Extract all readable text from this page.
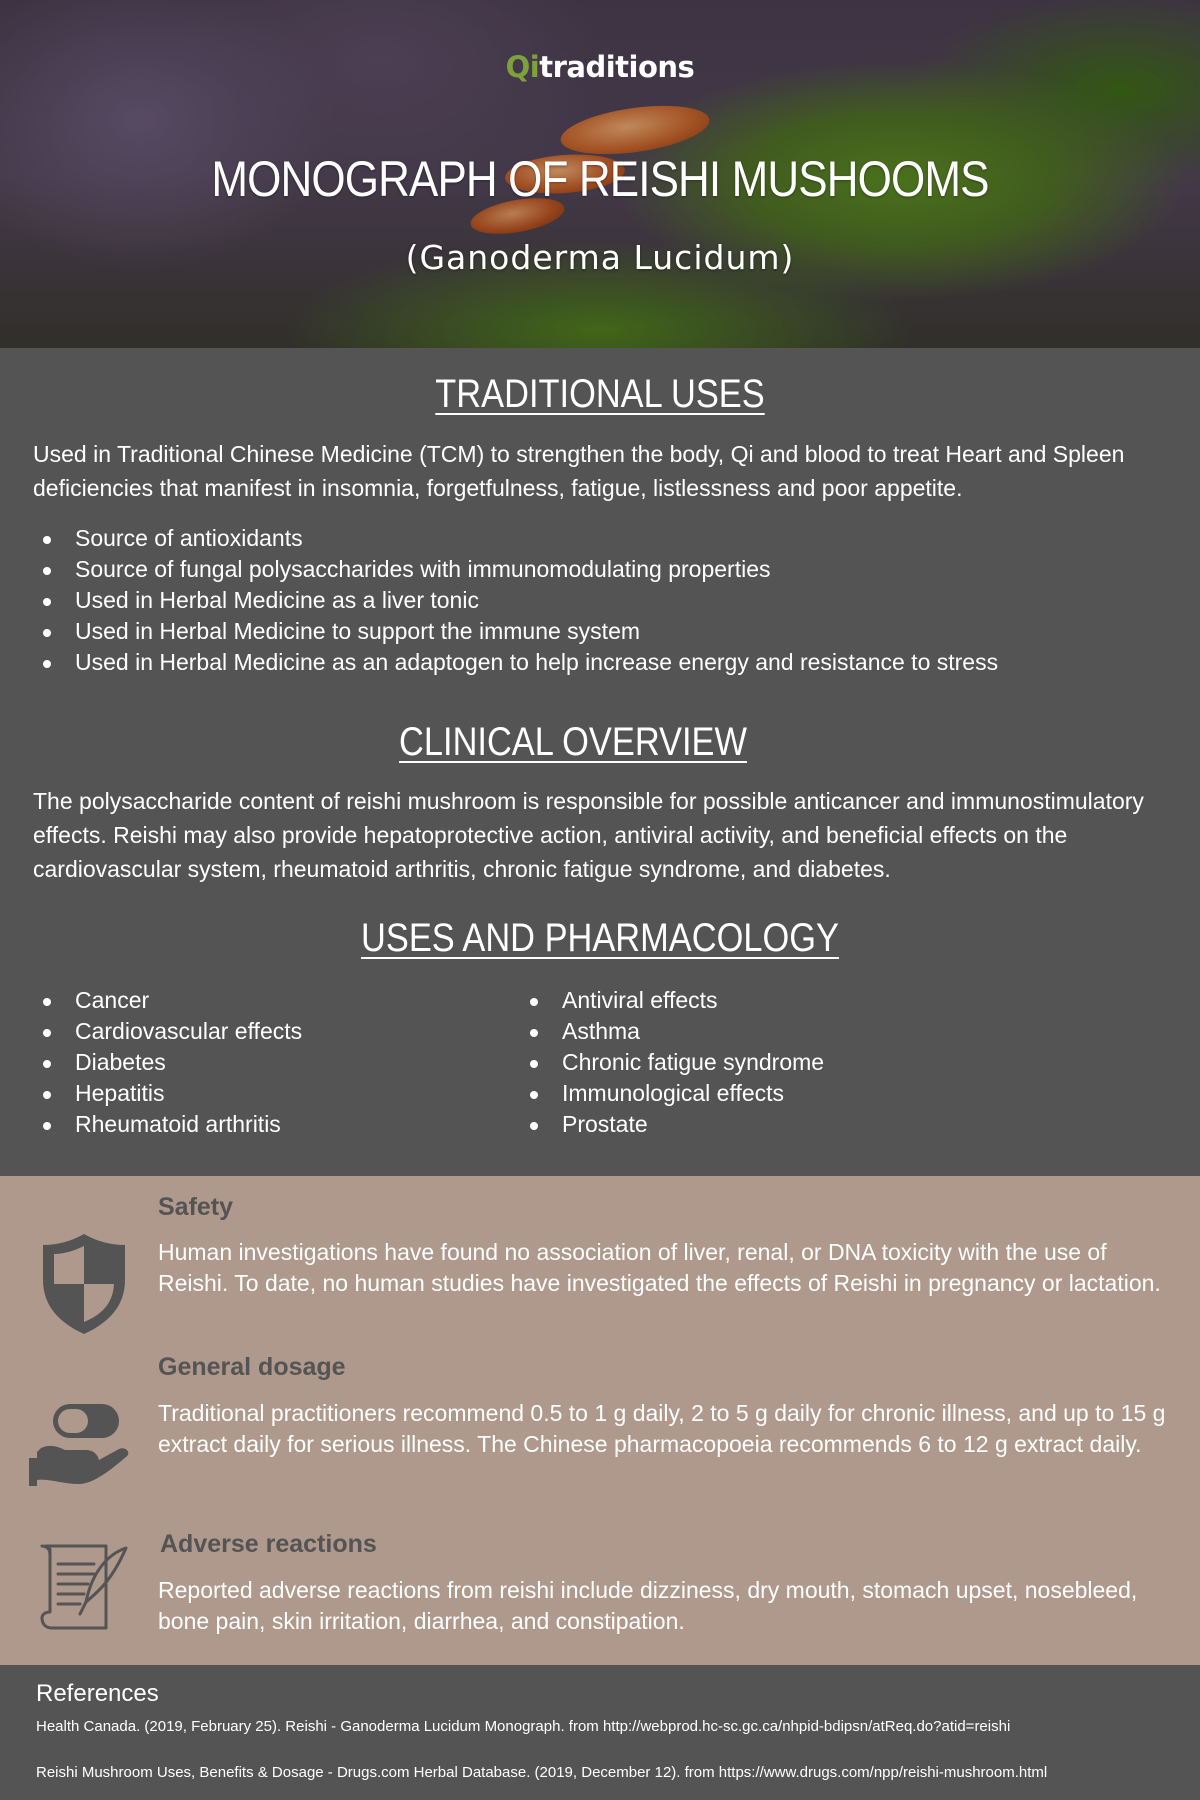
Qitraditions
MONOGRAPH OF REISHI MUSHOOMS
(Ganoderma Lucidum)
TRADITIONAL USES
Used in Traditional Chinese Medicine (TCM) to strengthen the body, Qi and blood to treat Heart and Spleen deficiencies that manifest in insomnia, forgetfulness, fatigue, listlessness and poor appetite.
Source of antioxidants
Source of fungal polysaccharides with immunomodulating properties
Used in Herbal Medicine as a liver tonic
Used in Herbal Medicine to support the immune system
Used in Herbal Medicine as an adaptogen to help increase energy and resistance to stress
CLINICAL OVERVIEW
The polysaccharide content of reishi mushroom is responsible for possible anticancer and immunostimulatory effects. Reishi may also provide hepatoprotective action, antiviral activity, and beneficial effects on the cardiovascular system, rheumatoid arthritis, chronic fatigue syndrome, and diabetes.
USES AND PHARMACOLOGY
Cancer
Cardiovascular effects
Diabetes
Hepatitis
Rheumatoid arthritis
Antiviral effects
Asthma
Chronic fatigue syndrome
Immunological effects
Prostate
Safety
Human investigations have found no association of liver, renal, or DNA toxicity with the use of Reishi. To date, no human studies have investigated the effects of Reishi in pregnancy or lactation.
General dosage
Traditional practitioners recommend 0.5 to 1 g daily, 2 to 5 g daily for chronic illness, and up to 15 g extract daily for serious illness. The Chinese pharmacopoeia recommends 6 to 12 g extract daily.
Adverse reactions
Reported adverse reactions from reishi include dizziness, dry mouth, stomach upset, nosebleed, bone pain, skin irritation, diarrhea, and constipation.
References
Health Canada. (2019, February 25). Reishi - Ganoderma Lucidum Monograph. from http://webprod.hc-sc.gc.ca/nhpid-bdipsn/atReq.do?atid=reishi
Reishi Mushroom Uses, Benefits & Dosage - Drugs.com Herbal Database. (2019, December 12). from https://www.drugs.com/npp/reishi-mushroom.html
